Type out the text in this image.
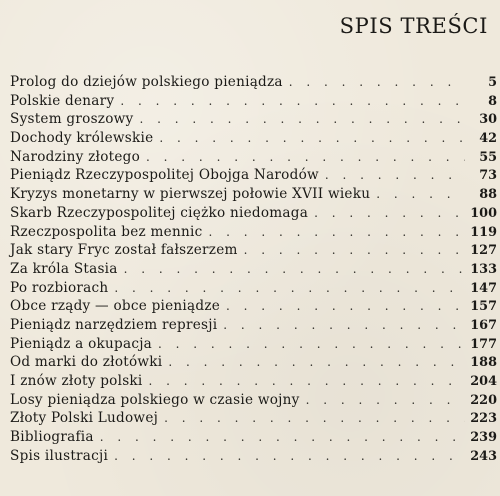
SPIS TREŚCI
Prolog do dziejów polskiego pieniądza . . .	5
Polskie denary . . .	8
System groszowy . . .	30
Dochody królewskie . . .	42
Narodziny złotego . . .	55
Pieniądz Rzeczypospolitej Obojga Narodów . . .	73
Kryzys monetarny w pierwszej połowie XVII wieku . . .	88
Skarb Rzeczypospolitej ciężko niedomaga . . .	100
Rzeczpospolita bez mennic . . .	119
Jak stary Fryc został fałszerzem . . .	127
Za króla Stasia . . .	133
Po rozbiorach . . .	147
Obce rządy — obce pieniądze . . .	157
Pieniądz narzędziem represji . . .	167
Pieniądz a okupacja . . .	177
Od marki do złotówki . . .	188
I znów złoty polski . . .	204
Losy pieniądza polskiego w czasie wojny . . .	220
Złoty Polski Ludowej . . .	223
Bibliografia . . .	239
Spis ilustracji . . .	243
